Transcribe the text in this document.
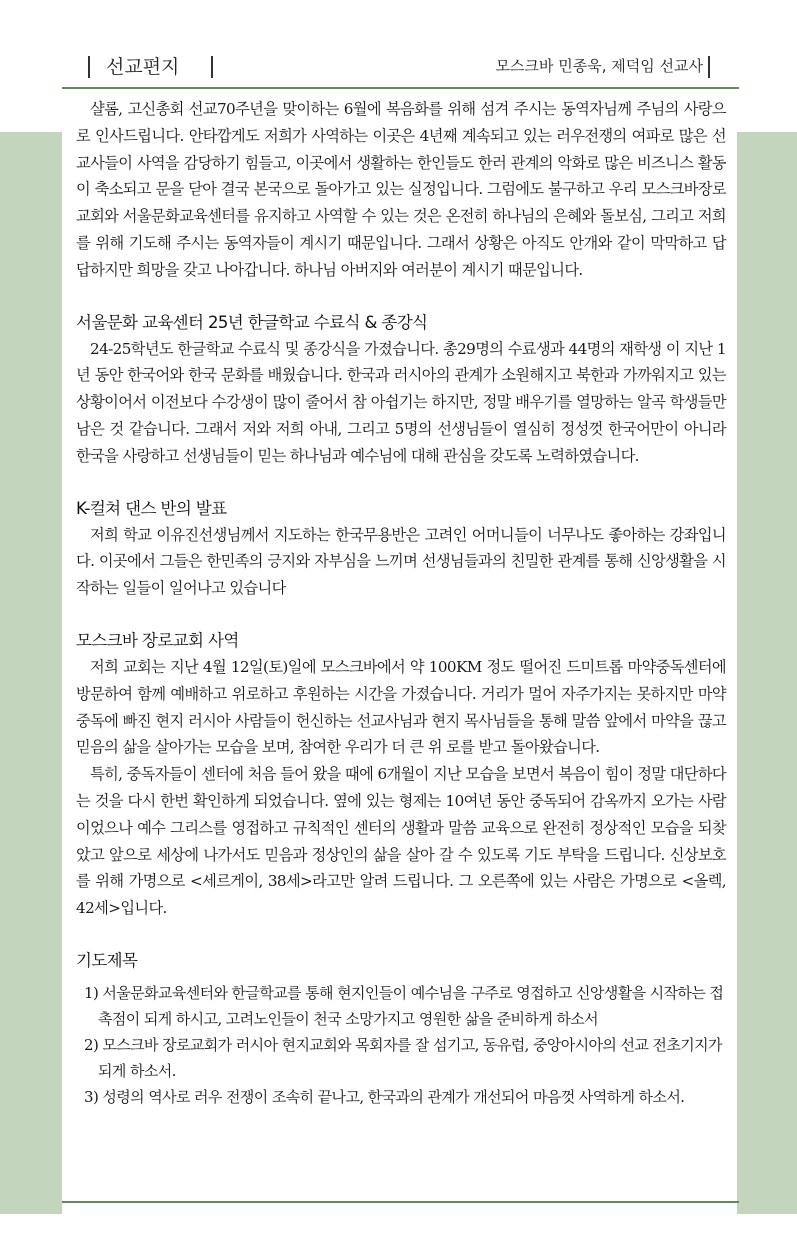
선교편지	모스크바 민종욱, 제덕임 선교사

샬롬, 고신총회 선교70주년을 맞이하는 6월에 복음화를 위해 섬겨 주시는 동역자님께 주님의 사랑으로 인사드립니다. 안타깝게도 저희가 사역하는 이곳은 4년째 계속되고 있는 러우전쟁의 여파로 많은 선교사들이 사역을 감당하기 힘들고, 이곳에서 생활하는 한인들도 한러 관계의 악화로 많은 비즈니스 활동이 축소되고 문을 닫아 결국 본국으로 돌아가고 있는 실정입니다. 그럼에도 불구하고 우리 모스크바장로교회와 서울문화교육센터를 유지하고 사역할 수 있는 것은 온전히 하나님의 은혜와 돌보심, 그리고 저희를 위해 기도해 주시는 동역자들이 계시기 때문입니다. 그래서 상황은 아직도 안개와 같이 막막하고 답답하지만 희망을 갖고 나아갑니다. 하나님 아버지와 여러분이 계시기 때문입니다.

서울문화 교육센터 25년 한글학교 수료식 & 종강식

24-25학년도 한글학교 수료식 및 종강식을 가졌습니다. 총29명의 수료생과 44명의 재학생 이 지난 1년 동안 한국어와 한국 문화를 배웠습니다. 한국과 러시아의 관계가 소원해지고 북한과 가까워지고 있는 상황이어서 이전보다 수강생이 많이 줄어서 참 아쉽기는 하지만, 정말 배우기를 열망하는 알곡 학생들만 남은 것 같습니다. 그래서 저와 저희 아내, 그리고 5명의 선생님들이 열심히 정성껏 한국어만이 아니라 한국을 사랑하고 선생님들이 믿는 하나님과 예수님에 대해 관심을 갖도록 노력하였습니다.

K-컬쳐 댄스 반의 발표

저희 학교 이유진선생님께서 지도하는 한국무용반은 고려인 어머니들이 너무나도 좋아하는 강좌입니다. 이곳에서 그들은 한민족의 긍지와 자부심을 느끼며 선생님들과의 친밀한 관계를 통해 신앙생활을 시작하는 일들이 일어나고 있습니다

모스크바 장로교회 사역

저희 교회는 지난 4월 12일(토)일에 모스크바에서 약 100KM 정도 떨어진 드미트롭 마약중독센터에 방문하여 함께 예배하고 위로하고 후원하는 시간을 가졌습니다. 거리가 멀어 자주가지는 못하지만 마약 중독에 빠진 현지 러시아 사람들이 헌신하는 선교사님과 현지 목사님들을 통해 말씀 앞에서 마약을 끊고 믿음의 삶을 살아가는 모습을 보며, 참여한 우리가 더 큰 위 로를 받고 돌아왔습니다.

특히, 중독자들이 센터에 처음 들어 왔을 때에 6개월이 지난 모습을 보면서 복음이 힘이 정말 대단하다는 것을 다시 한번 확인하게 되었습니다. 옆에 있는 형제는 10여년 동안 중독되어 감옥까지 오가는 사람이었으나 예수 그리스를 영접하고 규칙적인 센터의 생활과 말씀 교육으로 완전히 정상적인 모습을 되찾았고 앞으로 세상에 나가서도 믿음과 정상인의 삶을 살아 갈 수 있도록 기도 부탁을 드립니다. 신상보호를 위해 가명으로 <세르게이, 38세>라고만 알려 드립니다. 그 오른쪽에 있는 사람은 가명으로 <올렉, 42세>입니다.

기도제목
1) 서울문화교육센터와 한글학교를 통해 현지인들이 예수님을 구주로 영접하고 신앙생활을 시작하는 접촉점이 되게 하시고, 고려노인들이 천국 소망가지고 영원한 삶을 준비하게 하소서
2) 모스크바 장로교회가 러시아 현지교회와 목회자를 잘 섬기고, 동유럽, 중앙아시아의 선교 전초기지가 되게 하소서.
3) 성령의 역사로 러우 전쟁이 조속히 끝나고, 한국과의 관계가 개선되어 마음껏 사역하게 하소서.
